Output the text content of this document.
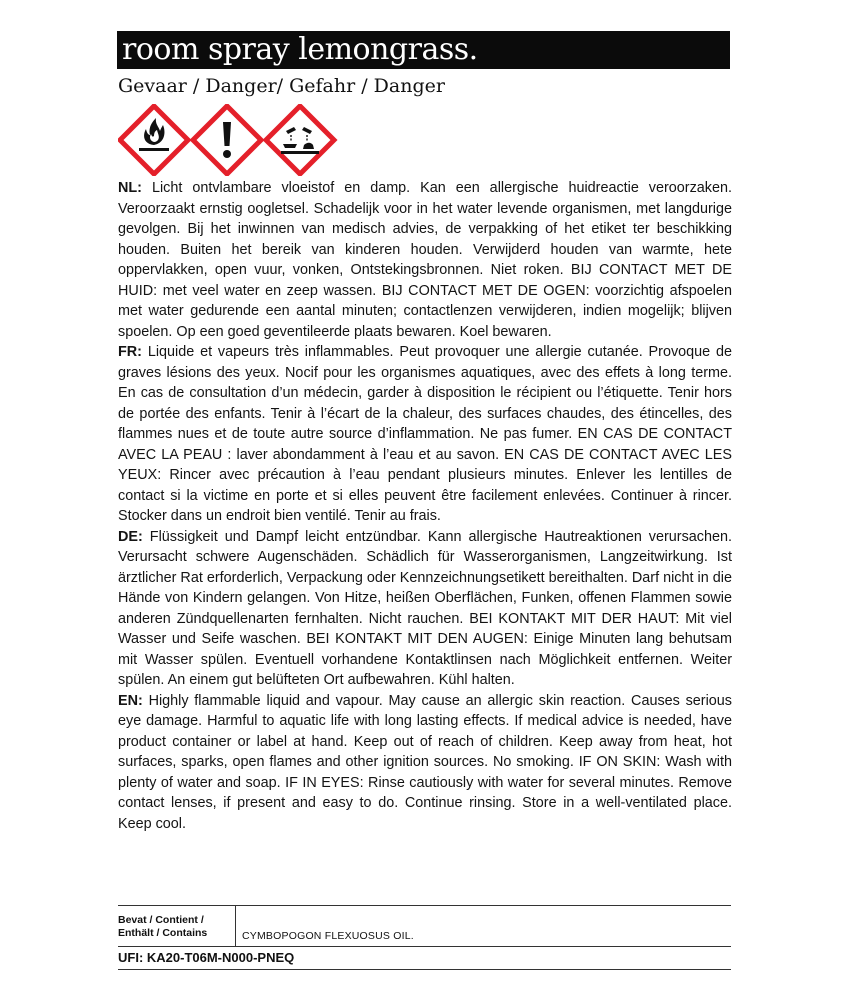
room spray lemongrass.
Gevaar / Danger/ Gefahr / Danger

NL: Licht ontvlambare vloeistof en damp. Kan een allergische huidreactie veroorzaken. Veroorzaakt ernstig oogletsel. Schadelijk voor in het water levende organismen, met langdurige gevolgen. Bij het inwinnen van medisch advies, de verpakking of het etiket ter beschikking houden. Buiten het bereik van kinderen houden. Verwijderd houden van warmte, hete oppervlakken, open vuur, vonken, Ontstekingsbronnen. Niet roken. BIJ CONTACT MET DE HUID: met veel water en zeep wassen. BIJ CONTACT MET DE OGEN: voorzichtig afspoelen met water gedurende een aantal minuten; contactlenzen verwijderen, indien mogelijk; blijven spoelen. Op een goed geventileerde plaats bewaren. Koel bewaren.

FR: Liquide et vapeurs très inflammables. Peut provoquer une allergie cutanée. Provoque de graves lésions des yeux. Nocif pour les organismes aquatiques, avec des effets à long terme. En cas de consultation d’un médecin, garder à disposition le récipient ou l’étiquette. Tenir hors de portée des enfants. Tenir à l’écart de la chaleur, des surfaces chaudes, des étincelles, des flammes nues et de toute autre source d’inflammation. Ne pas fumer. EN CAS DE CONTACT AVEC LA PEAU : laver abondamment à l’eau et au savon. EN CAS DE CONTACT AVEC LES YEUX: Rincer avec précaution à l’eau pendant plusieurs minutes. Enlever les lentilles de contact si la victime en porte et si elles peuvent être facilement enlevées. Continuer à rincer. Stocker dans un endroit bien ventilé. Tenir au frais.

DE: Flüssigkeit und Dampf leicht entzündbar. Kann allergische Hautreaktionen verursachen. Verursacht schwere Augenschäden. Schädlich für Wasserorganismen, Langzeitwirkung. Ist ärztlicher Rat erforderlich, Verpackung oder Kennzeichnungsetikett bereithalten. Darf nicht in die Hände von Kindern gelangen. Von Hitze, heißen Oberflächen, Funken, offenen Flammen sowie anderen Zündquellenarten fernhalten. Nicht rauchen. BEI KONTAKT MIT DER HAUT: Mit viel Wasser und Seife waschen. BEI KONTAKT MIT DEN AUGEN: Einige Minuten lang behutsam mit Wasser spülen. Eventuell vorhandene Kontaktlinsen nach Möglichkeit entfernen. Weiter spülen. An einem gut belüfteten Ort aufbewahren. Kühl halten.

EN: Highly flammable liquid and vapour. May cause an allergic skin reaction. Causes serious eye damage. Harmful to aquatic life with long lasting effects. If medical advice is needed, have product container or label at hand. Keep out of reach of children. Keep away from heat, hot surfaces, sparks, open flames and other ignition sources. No smoking. IF ON SKIN: Wash with plenty of water and soap. IF IN EYES: Rinse cautiously with water for several minutes. Remove contact lenses, if present and easy to do. Continue rinsing. Store in a well-ventilated place. Keep cool.

Bevat / Contient /
Enthält / Contains	CYMBOPOGON FLEXUOSUS OIL.
UFI: KA20-T06M-N000-PNEQ
